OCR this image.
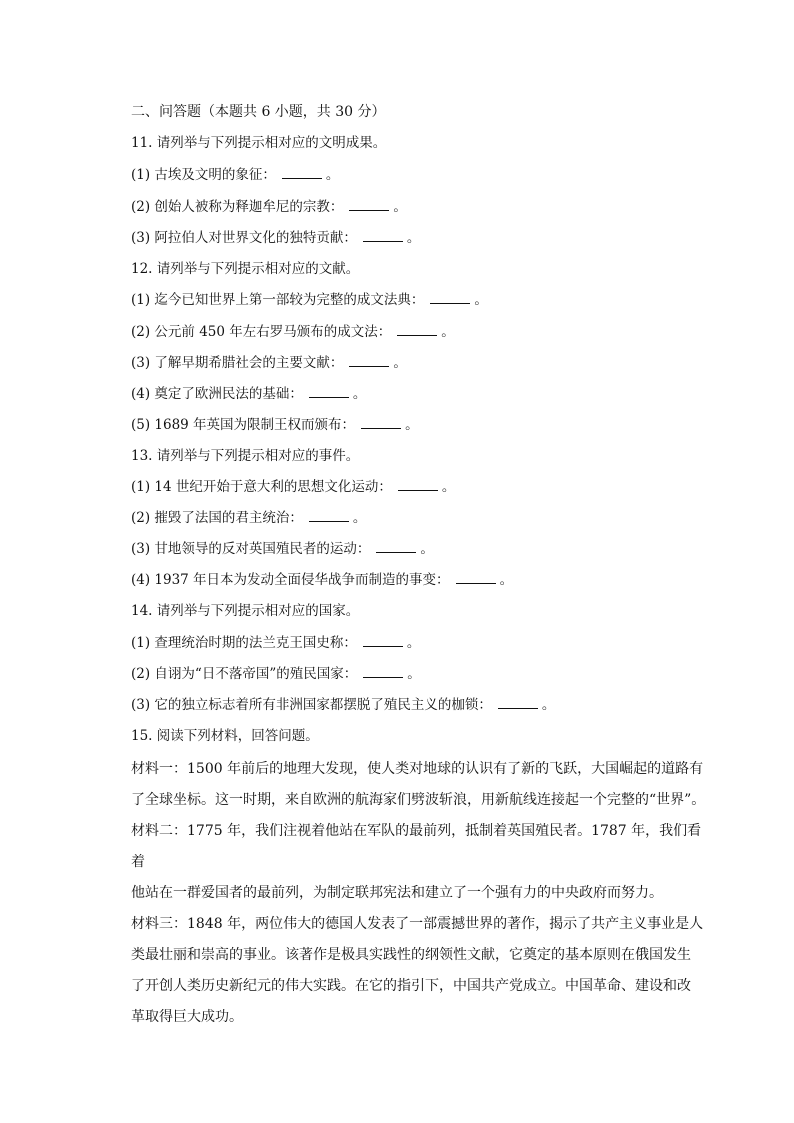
二、问答题（本题共 6 小题，共 30 分）
11. 请列举与下列提示相对应的文明成果。
(1) 古埃及文明的象征：	。
(2) 创始人被称为释迦牟尼的宗教：	。
(3) 阿拉伯人对世界文化的独特贡献：	。
12. 请列举与下列提示相对应的文献。
(1) 迄今已知世界上第一部较为完整的成文法典：	。
(2) 公元前 450 年左右罗马颁布的成文法：	。
(3) 了解早期希腊社会的主要文献：	。
(4) 奠定了欧洲民法的基础：	。
(5) 1689 年英国为限制王权而颁布：	。
13. 请列举与下列提示相对应的事件。
(1) 14 世纪开始于意大利的思想文化运动：	。
(2) 摧毁了法国的君主统治：	。
(3) 甘地领导的反对英国殖民者的运动：	。
(4) 1937 年日本为发动全面侵华战争而制造的事变：	。
14. 请列举与下列提示相对应的国家。
(1) 查理统治时期的法兰克王国史称：	。
(2) 自诩为“日不落帝国”的殖民国家：	。
(3) 它的独立标志着所有非洲国家都摆脱了殖民主义的枷锁：	。
15. 阅读下列材料，回答问题。

材料一：1500 年前后的地理大发现，使人类对地球的认识有了新的飞跃，大国崛起的道路有

了全球坐标。这一时期，来自欧洲的航海家们劈波斩浪，用新航线连接起一个完整的“世界”。

材料二：1775 年，我们注视着他站在军队的最前列，抵制着英国殖民者。1787 年，我们看着

他站在一群爱国者的最前列，为制定联邦宪法和建立了一个强有力的中央政府而努力。

材料三：1848 年，两位伟大的德国人发表了一部震撼世界的著作，揭示了共产主义事业是人

类最壮丽和崇高的事业。该著作是极具实践性的纲领性文献，它奠定的基本原则在俄国发生

了开创人类历史新纪元的伟大实践。在它的指引下，中国共产党成立。中国革命、建设和改

革取得巨大成功。
